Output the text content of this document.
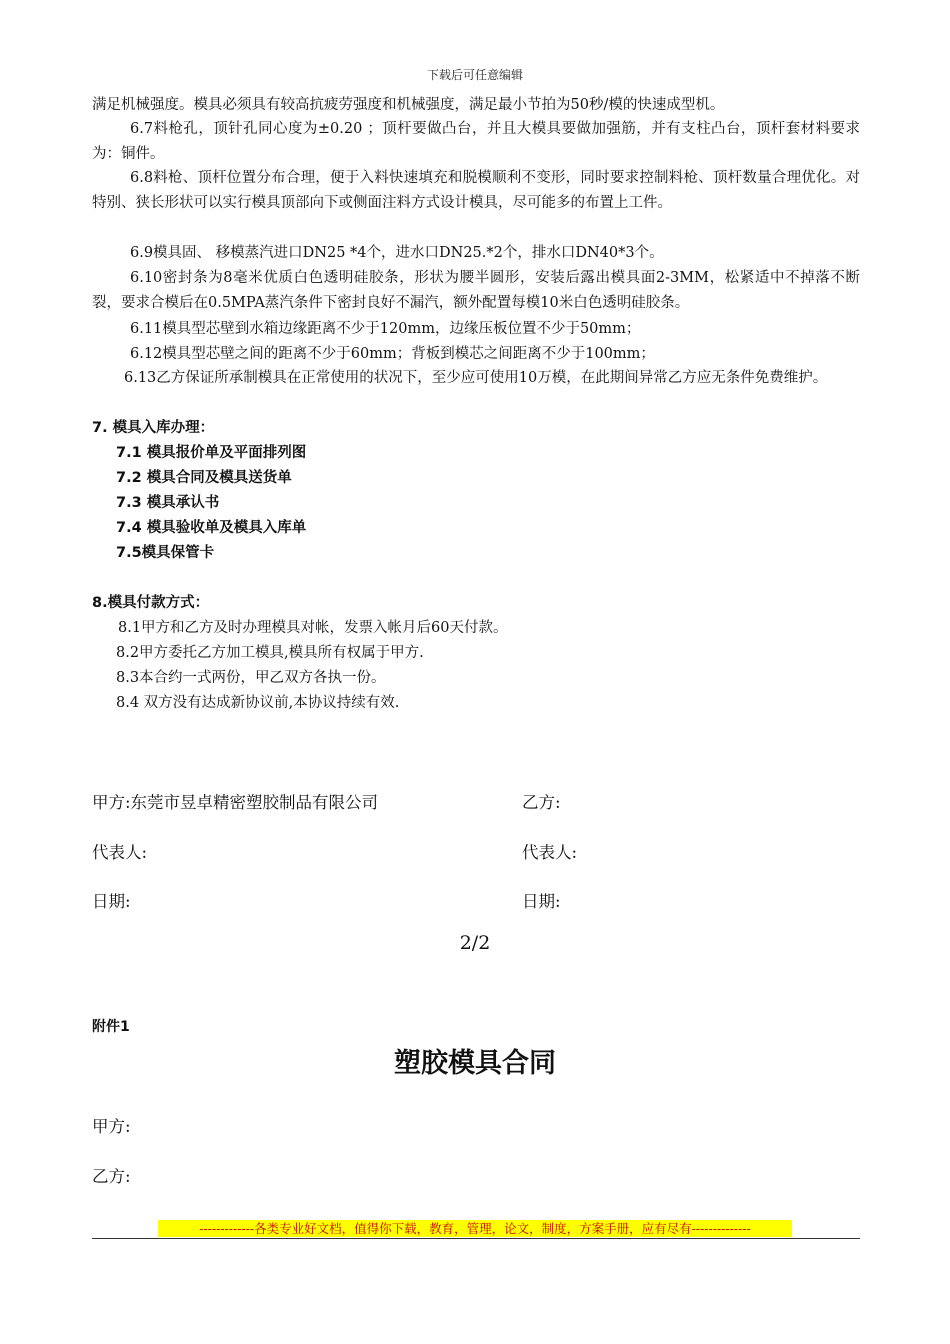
下载后可任意编辑
满足机械强度。模具必须具有较高抗疲劳强度和机械强度，满足最小节拍为50秒/模的快速成型机。
6.7料枪孔，顶针孔同心度为±0.20 ；顶杆要做凸台，并且大模具要做加强筋，并有支柱凸台，顶杆套材料要求为：铜件。
6.8料枪、顶杆位置分布合理，便于入料快速填充和脱模顺利不变形，同时要求控制料枪、顶杆数量合理优化。对特别、狭长形状可以实行模具顶部向下或侧面注料方式设计模具，尽可能多的布置上工件。
6.9模具固、 移模蒸汽进口DN25 *4个，进水口DN25.*2个，排水口DN40*3个。
6.10密封条为8毫米优质白色透明硅胶条，形状为腰半圆形，安装后露出模具面2-3MM，松紧适中不掉落不断裂，要求合模后在0.5MPA蒸汽条件下密封良好不漏汽，额外配置每模10米白色透明硅胶条。
6.11模具型芯壁到水箱边缘距离不少于120mm，边缘压板位置不少于50mm；
6.12模具型芯壁之间的距离不少于60mm；背板到模芯之间距离不少于100mm；
6.13乙方保证所承制模具在正常使用的状况下，至少应可使用10万模，在此期间异常乙方应无条件免费维护。
7. 模具入库办理：
7.1 模具报价单及平面排列图
7.2 模具合同及模具送货单
7.3 模具承认书
7.4 模具验收单及模具入库单
7.5模具保管卡
8.模具付款方式：
8.1甲方和乙方及时办理模具对帐，发票入帐月后60天付款。
8.2甲方委托乙方加工模具,模具所有权属于甲方.
8.3本合约一式两份，甲乙双方各执一份。
8.4 双方没有达成新协议前,本协议持续有效.
甲方:东莞市昱卓精密塑胶制品有限公司	乙方:
代表人:	代表人:
日期:	日期:
2/2
附件1
塑胶模具合同
甲方:
乙方:
-------------各类专业好文档，值得你下载，教育，管理，论文，制度，方案手册，应有尽有--------------
